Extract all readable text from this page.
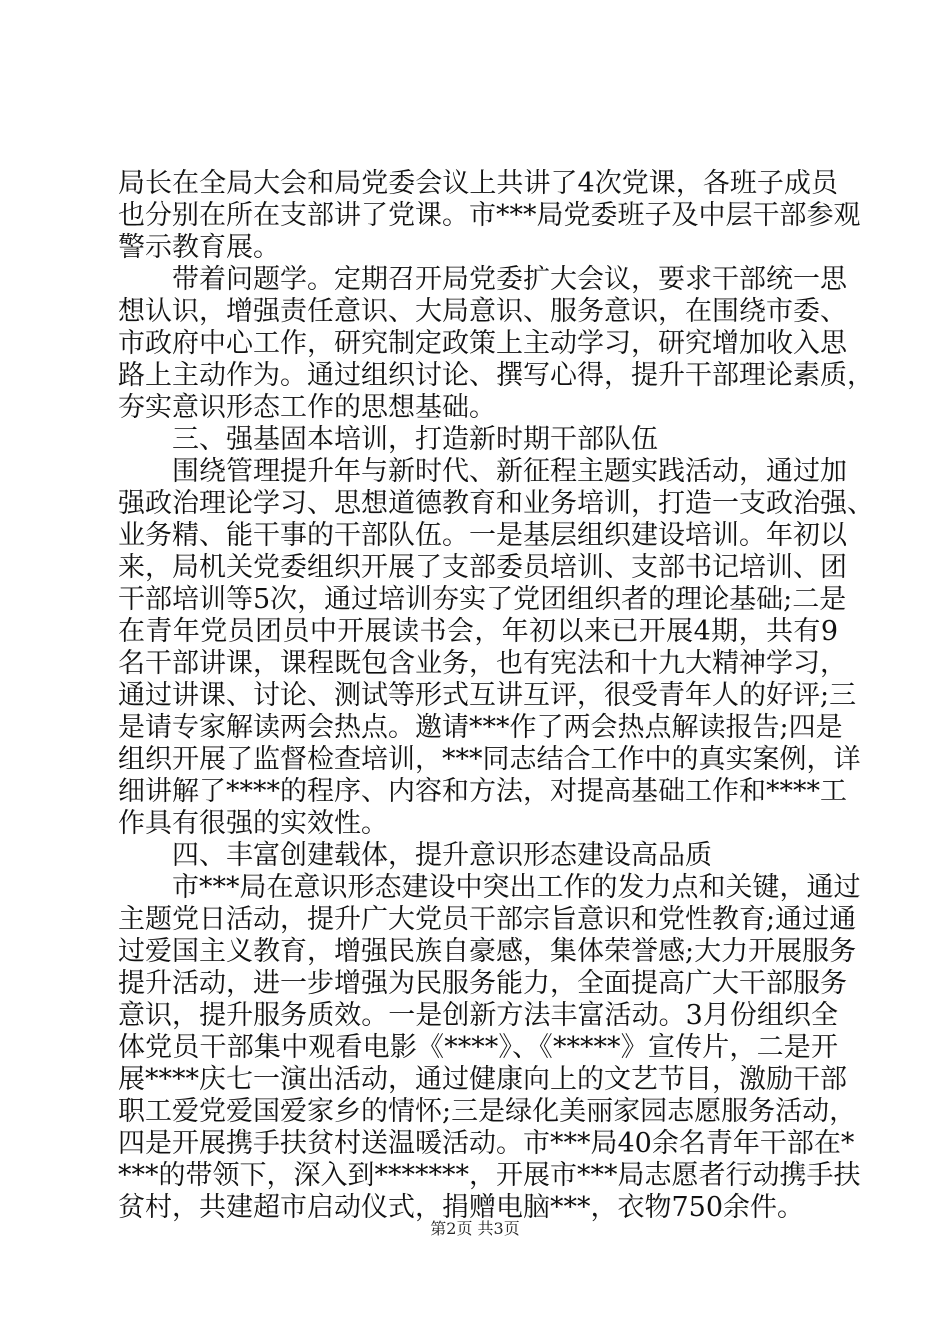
局长在全局大会和局党委会议上共讲了4次党课，各班子成员
也分别在所在支部讲了党课。市***局党委班子及中层干部参观
警示教育展。
　　带着问题学。定期召开局党委扩大会议，要求干部统一思
想认识，增强责任意识、大局意识、服务意识，在围绕市委、
市政府中心工作，研究制定政策上主动学习，研究增加收入思
路上主动作为。通过组织讨论、撰写心得，提升干部理论素质，
夯实意识形态工作的思想基础。
　　三、强基固本培训，打造新时期干部队伍
　　围绕管理提升年与新时代、新征程主题实践活动，通过加
强政治理论学习、思想道德教育和业务培训，打造一支政治强、
业务精、能干事的干部队伍。一是基层组织建设培训。年初以
来，局机关党委组织开展了支部委员培训、支部书记培训、团
干部培训等5次，通过培训夯实了党团组织者的理论基础;二是
在青年党员团员中开展读书会，年初以来已开展4期，共有9
名干部讲课，课程既包含业务，也有宪法和十九大精神学习，
通过讲课、讨论、测试等形式互讲互评，很受青年人的好评;三
是请专家解读两会热点。邀请***作了两会热点解读报告;四是
组织开展了监督检查培训，***同志结合工作中的真实案例，详
细讲解了****的程序、内容和方法，对提高基础工作和****工
作具有很强的实效性。
　　四、丰富创建载体，提升意识形态建设高品质
　　市***局在意识形态建设中突出工作的发力点和关键，通过
主题党日活动，提升广大党员干部宗旨意识和党性教育;通过通
过爱国主义教育，增强民族自豪感，集体荣誉感;大力开展服务
提升活动，进一步增强为民服务能力，全面提高广大干部服务
意识，提升服务质效。一是创新方法丰富活动。3月份组织全
体党员干部集中观看电影《****》、《*****》宣传片，二是开
展****庆七一演出活动，通过健康向上的文艺节目，激励干部
职工爱党爱国爱家乡的情怀;三是绿化美丽家园志愿服务活动，
四是开展携手扶贫村送温暖活动。市***局40余名青年干部在*
***的带领下，深入到*******，开展市***局志愿者行动携手扶
贫村，共建超市启动仪式，捐赠电脑***，衣物750余件。
第2页 共3页
